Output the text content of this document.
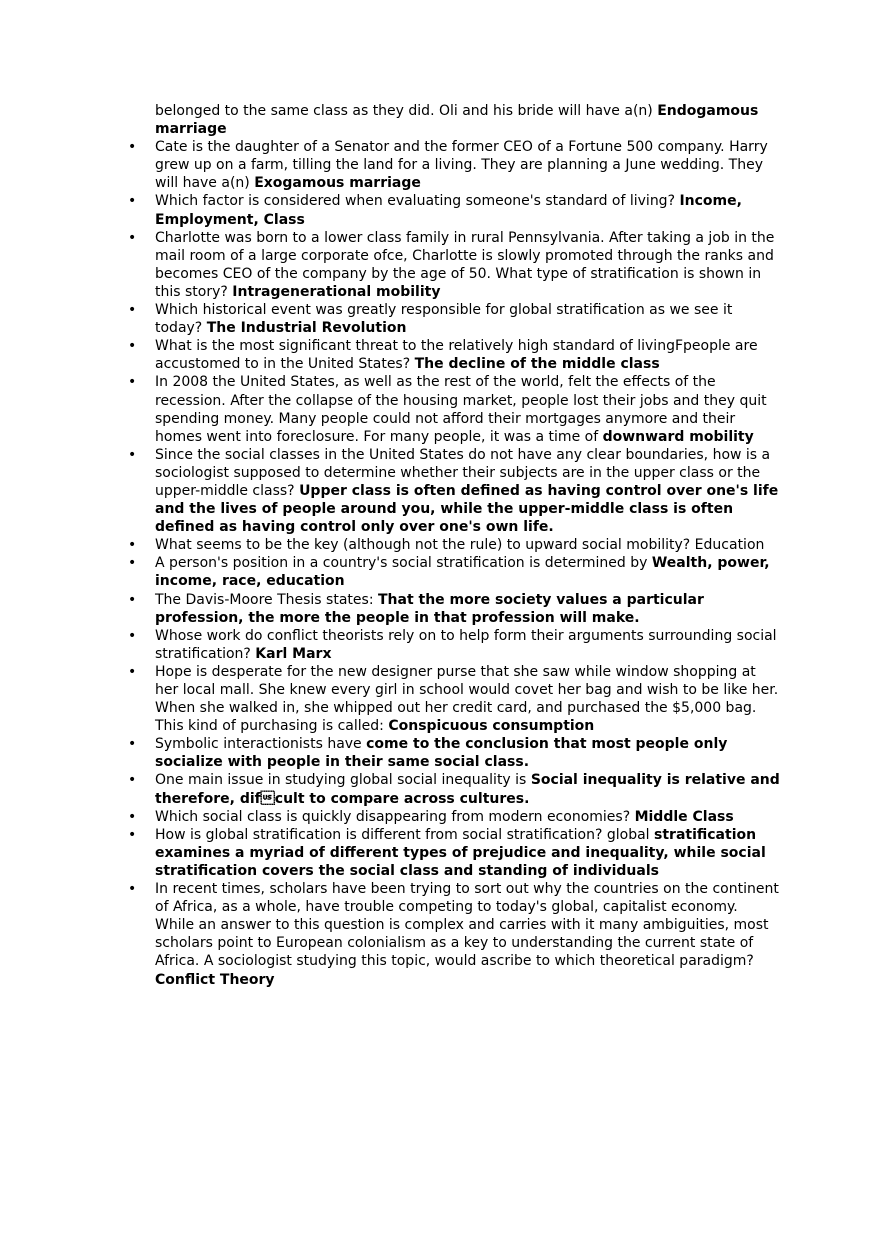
belonged to the same class as they did. Oli and his bride will have a(n) Endogamous marriage
• Cate is the daughter of a Senator and the former CEO of a Fortune 500 company. Harry grew up on a farm, tilling the land for a living. They are planning a June wedding. They will have a(n) Exogamous marriage
• Which factor is considered when evaluating someone's standard of living? Income, Employment, Class
• Charlotte was born to a lower class family in rural Pennsylvania. After taking a job in the mail room of a large corporate ofce, Charlotte is slowly promoted through the ranks and becomes CEO of the company by the age of 50. What type of stratification is shown in this story? Intragenerational mobility
• Which historical event was greatly responsible for global stratification as we see it today? The Industrial Revolution
• What is the most significant threat to the relatively high standard of livingFpeople are accustomed to in the United States? The decline of the middle class
• In 2008 the United States, as well as the rest of the world, felt the effects of the recession. After the collapse of the housing market, people lost their jobs and they quit spending money. Many people could not afford their mortgages anymore and their homes went into foreclosure. For many people, it was a time of downward mobility
• Since the social classes in the United States do not have any clear boundaries, how is a sociologist supposed to determine whether their subjects are in the upper class or the upper-middle class? Upper class is often defined as having control over one's life and the lives of people around you, while the upper-middle class is often defined as having control only over one's own life.
• What seems to be the key (although not the rule) to upward social mobility? Education
• A person's position in a country's social stratification is determined by Wealth, power, income, race, education
• The Davis-Moore Thesis states: That the more society values a particular profession, the more the people in that profession will make.
• Whose work do conflict theorists rely on to help form their arguments surrounding social stratification? Karl Marx
• Hope is desperate for the new designer purse that she saw while window shopping at her local mall. She knew every girl in school would covet her bag and wish to be like her. When she walked in, she whipped out her credit card, and purchased the $5,000 bag. This kind of purchasing is called: Conspicuous consumption
• Symbolic interactionists have come to the conclusion that most people only socialize with people in their same social class.
• One main issue in studying global social inequality is Social inequality is relative and therefore, difcult to compare across cultures.
• Which social class is quickly disappearing from modern economies? Middle Class
• How is global stratification is different from social stratification? global stratification examines a myriad of different types of prejudice and inequality, while social stratification covers the social class and standing of individuals
• In recent times, scholars have been trying to sort out why the countries on the continent of Africa, as a whole, have trouble competing to today's global, capitalist economy. While an answer to this question is complex and carries with it many ambiguities, most scholars point to European colonialism as a key to understanding the current state of Africa. A sociologist studying this topic, would ascribe to which theoretical paradigm? Conflict Theory
